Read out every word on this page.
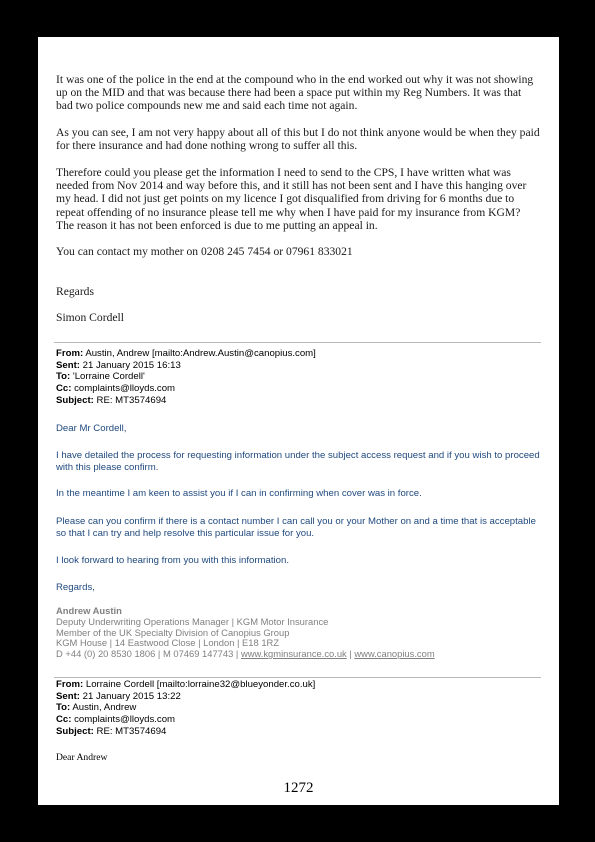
It was one of the police in the end at the compound who in the end worked out why it was not showing up on the MID and that was because there had been a space put within my Reg Numbers. It was that bad two police compounds new me and said each time not again.

As you can see, I am not very happy about all of this but I do not think anyone would be when they paid for there insurance and had done nothing wrong to suffer all this.

Therefore could you please get the information I need to send to the CPS, I have written what was needed from Nov 2014 and way before this, and it still has not been sent and I have this hanging over my head. I did not just get points on my licence I got disqualified from driving for 6 months due to repeat offending of no insurance please tell me why when I have paid for my insurance from KGM? The reason it has not been enforced is due to me putting an appeal in.

You can contact my mother on 0208 245 7454 or 07961 833021

Regards

Simon Cordell

From: Austin, Andrew [mailto:Andrew.Austin@canopius.com]
Sent: 21 January 2015 16:13
To: 'Lorraine Cordell'
Cc: complaints@lloyds.com
Subject: RE: MT3574694

Dear Mr Cordell,

I have detailed the process for requesting information under the subject access request and if you wish to proceed with this please confirm.

In the meantime I am keen to assist you if I can in confirming when cover was in force.

Please can you confirm if there is a contact number I can call you or your Mother on and a time that is acceptable so that I can try and help resolve this particular issue for you.

I look forward to hearing from you with this information.

Regards,

Andrew Austin
Deputy Underwriting Operations Manager | KGM Motor Insurance
Member of the UK Specialty Division of Canopius Group
KGM House | 14 Eastwood Close | London | E18 1RZ
D +44 (0) 20 8530 1806 | M 07469 147743 | www.kgminsurance.co.uk | www.canopius.com
From: Lorraine Cordell [mailto:lorraine32@blueyonder.co.uk]
Sent: 21 January 2015 13:22
To: Austin, Andrew
Cc: complaints@lloyds.com
Subject: RE: MT3574694

Dear Andrew

1272
